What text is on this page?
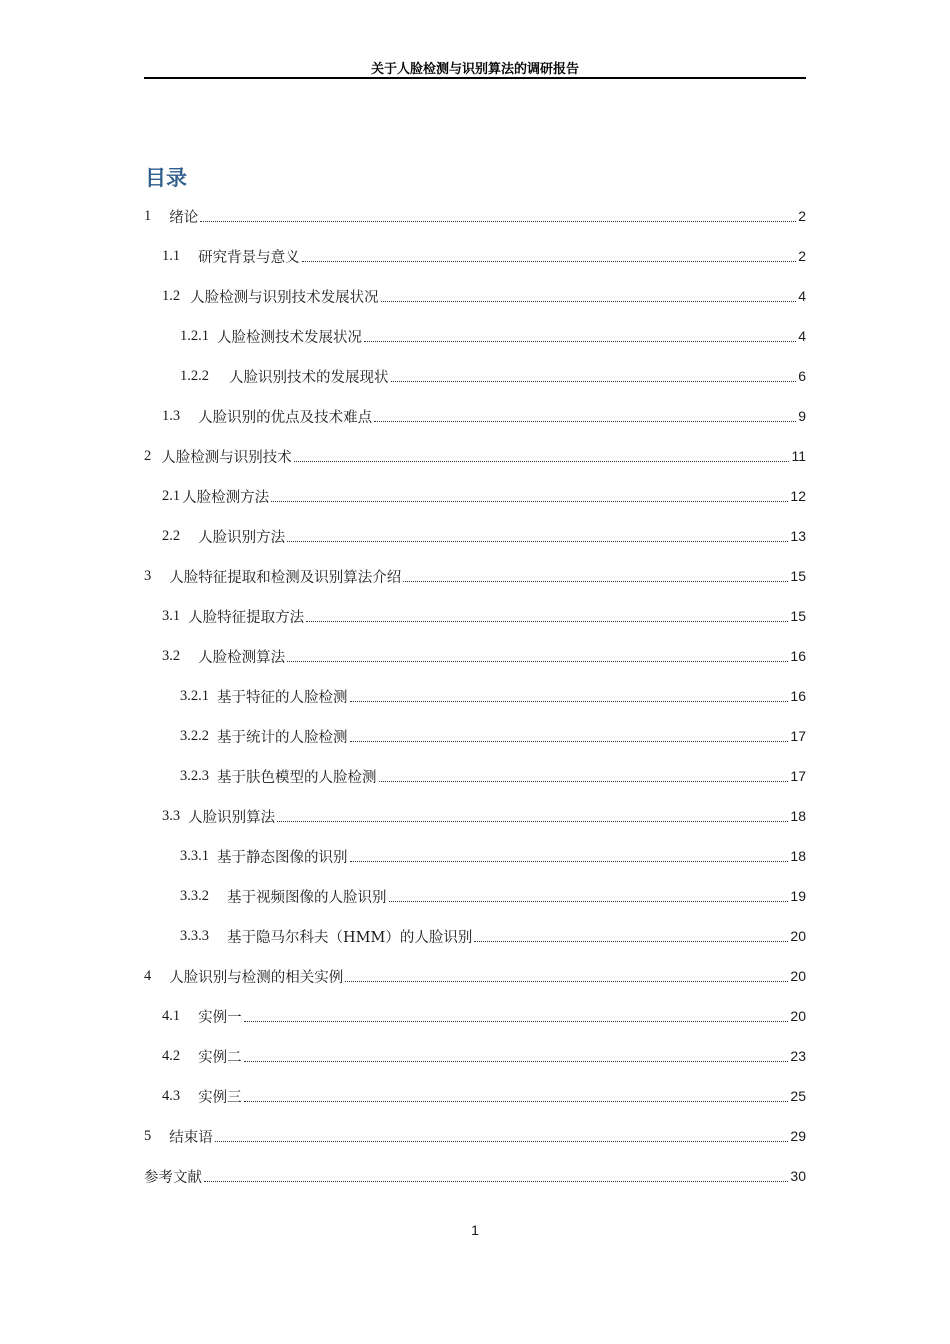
关于人脸检测与识别算法的调研报告
目录
1 绪论	2
1.1 研究背景与意义	2
1.2 人脸检测与识别技术发展状况	4
1.2.1 人脸检测技术发展状况	4
1.2.2 人脸识别技术的发展现状	6
1.3 人脸识别的优点及技术难点	9
2 人脸检测与识别技术	11
2.1 人脸检测方法	12
2.2 人脸识别方法	13
3 人脸特征提取和检测及识别算法介绍	15
3.1 人脸特征提取方法	15
3.2 人脸检测算法	16
3.2.1 基于特征的人脸检测	16
3.2.2 基于统计的人脸检测	17
3.2.3 基于肤色模型的人脸检测	17
3.3 人脸识别算法	18
3.3.1 基于静态图像的识别	18
3.3.2 基于视频图像的人脸识别	19
3.3.3 基于隐马尔科夫（HMM）的人脸识别	20
4 人脸识别与检测的相关实例	20
4.1 实例一	20
4.2 实例二	23
4.3 实例三	25
5 结束语	29
参考文献	30
1
